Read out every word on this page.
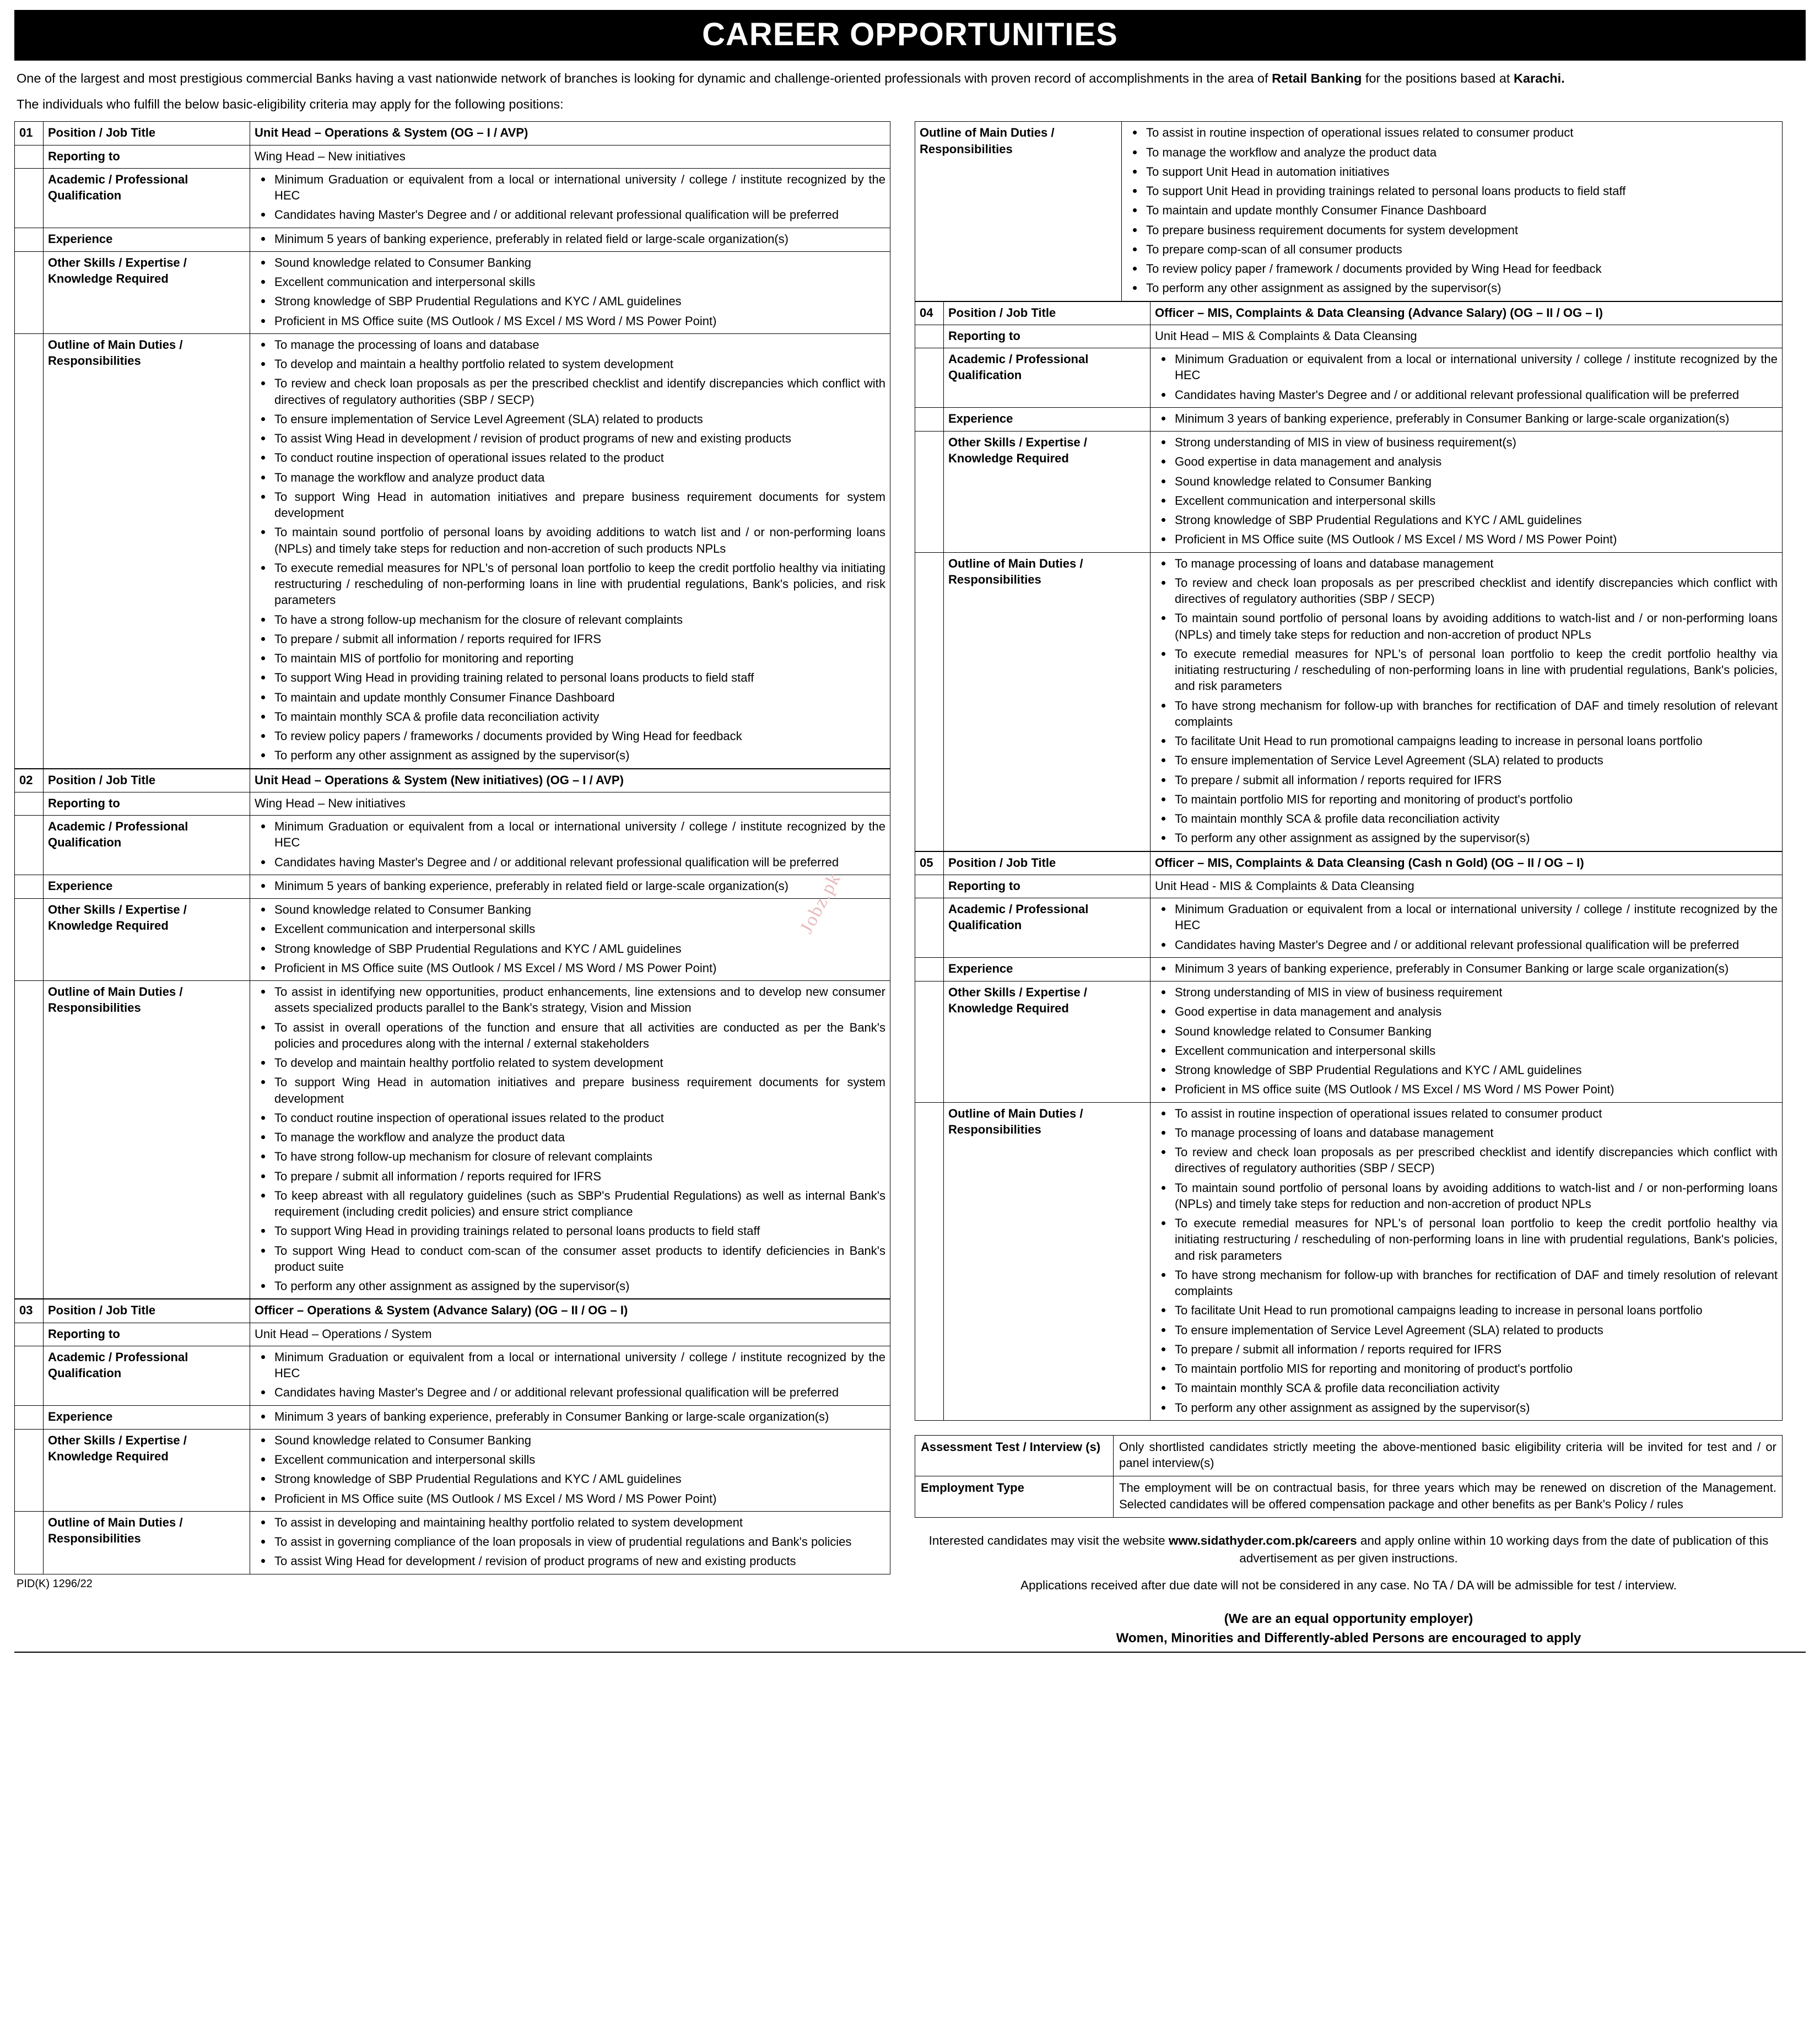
CAREER OPPORTUNITIES

One of the largest and most prestigious commercial Banks having a vast nationwide network of branches is looking for dynamic and challenge-oriented professionals with proven record of accomplishments in the area of Retail Banking for the positions based at Karachi.

The individuals who fulfill the below basic-eligibility criteria may apply for the following positions:

01	Position / Job Title	Unit Head – Operations & System (OG – I / AVP)
	Reporting to	Wing Head – New initiatives
	Academic / Professional Qualification	
Minimum Graduation or equivalent from a local or international university / college / institute recognized by the HEC
Candidates having Master's Degree and / or additional relevant professional qualification will be preferred

	Experience	Minimum 5 years of banking experience, preferably in related field or large-scale organization(s)

	Other Skills / Expertise / Knowledge Required	
Sound knowledge related to Consumer Banking
Excellent communication and interpersonal skills
Strong knowledge of SBP Prudential Regulations and KYC / AML guidelines
Proficient in MS Office suite (MS Outlook / MS Excel / MS Word / MS Power Point)

	Outline of Main Duties / Responsibilities	
To manage the processing of loans and database
To develop and maintain a healthy portfolio related to system development
To review and check loan proposals as per the prescribed checklist and identify discrepancies which conflict with directives of regulatory authorities (SBP / SECP)
To ensure implementation of Service Level Agreement (SLA) related to products
To assist Wing Head in development / revision of product programs of new and existing products
To conduct routine inspection of operational issues related to the product
To manage the workflow and analyze product data
To support Wing Head in automation initiatives and prepare business requirement documents for system development
To maintain sound portfolio of personal loans by avoiding additions to watch list and / or non-performing loans (NPLs) and timely take steps for reduction and non-accretion of such products NPLs
To execute remedial measures for NPL's of personal loan portfolio to keep the credit portfolio healthy via initiating restructuring / rescheduling of non-performing loans in line with prudential regulations, Bank's policies, and risk parameters
To have a strong follow-up mechanism for the closure of relevant complaints
To prepare / submit all information / reports required for IFRS
To maintain MIS of portfolio for monitoring and reporting
To support Wing Head in providing training related to personal loans products to field staff
To maintain and update monthly Consumer Finance Dashboard
To maintain monthly SCA & profile data reconciliation activity
To review policy papers / frameworks / documents provided by Wing Head for feedback
To perform any other assignment as assigned by the supervisor(s)
02	Position / Job Title	Unit Head – Operations & System (New initiatives) (OG – I / AVP)
	Reporting to	Wing Head – New initiatives
	Academic / Professional Qualification	
Minimum Graduation or equivalent from a local or international university / college / institute recognized by the HEC
Candidates having Master's Degree and / or additional relevant professional qualification will be preferred

	Experience	Minimum 5 years of banking experience, preferably in related field or large-scale organization(s)

	Other Skills / Expertise / Knowledge Required	
Sound knowledge related to Consumer Banking
Excellent communication and interpersonal skills
Strong knowledge of SBP Prudential Regulations and KYC / AML guidelines
Proficient in MS Office suite (MS Outlook / MS Excel / MS Word / MS Power Point)

	Outline of Main Duties / Responsibilities	
To assist in identifying new opportunities, product enhancements, line extensions and to develop new consumer assets specialized products parallel to the Bank's strategy, Vision and Mission
To assist in overall operations of the function and ensure that all activities are conducted as per the Bank's policies and procedures along with the internal / external stakeholders
To develop and maintain healthy portfolio related to system development
To support Wing Head in automation initiatives and prepare business requirement documents for system development
To conduct routine inspection of operational issues related to the product
To manage the workflow and analyze the product data
To have strong follow-up mechanism for closure of relevant complaints
To prepare / submit all information / reports required for IFRS
To keep abreast with all regulatory guidelines (such as SBP's Prudential Regulations) as well as internal Bank's requirement (including credit policies) and ensure strict compliance
To support Wing Head in providing trainings related to personal loans products to field staff
To support Wing Head to conduct com-scan of the consumer asset products to identify deficiencies in Bank's product suite
To perform any other assignment as assigned by the supervisor(s)
03	Position / Job Title	Officer – Operations & System (Advance Salary) (OG – II / OG – I)
	Reporting to	Unit Head – Operations / System
	Academic / Professional Qualification	
Minimum Graduation or equivalent from a local or international university / college / institute recognized by the HEC
Candidates having Master's Degree and / or additional relevant professional qualification will be preferred

	Experience	Minimum 3 years of banking experience, preferably in Consumer Banking or large-scale organization(s)

	Other Skills / Expertise / Knowledge Required	
Sound knowledge related to Consumer Banking
Excellent communication and interpersonal skills
Strong knowledge of SBP Prudential Regulations and KYC / AML guidelines
Proficient in MS Office suite (MS Outlook / MS Excel / MS Word / MS Power Point)

	Outline of Main Duties / Responsibilities	
To assist in developing and maintaining healthy portfolio related to system development
To assist in governing compliance of the loan proposals in view of prudential regulations and Bank's policies
To assist Wing Head for development / revision of product programs of new and existing products
PID(K) 1296/22
Outline of Main Duties / Responsibilities	
To assist in routine inspection of operational issues related to consumer product
To manage the workflow and analyze the product data
To support Unit Head in automation initiatives
To support Unit Head in providing trainings related to personal loans products to field staff
To maintain and update monthly Consumer Finance Dashboard
To prepare business requirement documents for system development
To prepare comp-scan of all consumer products
To review policy paper / framework / documents provided by Wing Head for feedback
To perform any other assignment as assigned by the supervisor(s)
04	Position / Job Title	Officer – MIS, Complaints & Data Cleansing (Advance Salary) (OG – II / OG – I)
	Reporting to	Unit Head – MIS & Complaints & Data Cleansing
	Academic / Professional Qualification	
Minimum Graduation or equivalent from a local or international university / college / institute recognized by the HEC
Candidates having Master's Degree and / or additional relevant professional qualification will be preferred

	Experience	Minimum 3 years of banking experience, preferably in Consumer Banking or large-scale organization(s)

	Other Skills / Expertise / Knowledge Required	
Strong understanding of MIS in view of business requirement(s)
Good expertise in data management and analysis
Sound knowledge related to Consumer Banking
Excellent communication and interpersonal skills
Strong knowledge of SBP Prudential Regulations and KYC / AML guidelines
Proficient in MS Office suite (MS Outlook / MS Excel / MS Word / MS Power Point)

	Outline of Main Duties / Responsibilities	
To manage processing of loans and database management
To review and check loan proposals as per prescribed checklist and identify discrepancies which conflict with directives of regulatory authorities (SBP / SECP)
To maintain sound portfolio of personal loans by avoiding additions to watch-list and / or non-performing loans (NPLs) and timely take steps for reduction and non-accretion of product NPLs
To execute remedial measures for NPL's of personal loan portfolio to keep the credit portfolio healthy via initiating restructuring / rescheduling of non-performing loans in line with prudential regulations, Bank's policies, and risk parameters
To have strong mechanism for follow-up with branches for rectification of DAF and timely resolution of relevant complaints
To facilitate Unit Head to run promotional campaigns leading to increase in personal loans portfolio
To ensure implementation of Service Level Agreement (SLA) related to products
To prepare / submit all information / reports required for IFRS
To maintain portfolio MIS for reporting and monitoring of product's portfolio
To maintain monthly SCA & profile data reconciliation activity
To perform any other assignment as assigned by the supervisor(s)
05	Position / Job Title	Officer – MIS, Complaints & Data Cleansing (Cash n Gold) (OG – II / OG – I)
	Reporting to	Unit Head - MIS & Complaints & Data Cleansing
	Academic / Professional Qualification	
Minimum Graduation or equivalent from a local or international university / college / institute recognized by the HEC
Candidates having Master's Degree and / or additional relevant professional qualification will be preferred

	Experience	Minimum 3 years of banking experience, preferably in Consumer Banking or large scale organization(s)

	Other Skills / Expertise / Knowledge Required	
Strong understanding of MIS in view of business requirement
Good expertise in data management and analysis
Sound knowledge related to Consumer Banking
Excellent communication and interpersonal skills
Strong knowledge of SBP Prudential Regulations and KYC / AML guidelines
Proficient in MS office suite (MS Outlook / MS Excel / MS Word / MS Power Point)

	Outline of Main Duties / Responsibilities	
To assist in routine inspection of operational issues related to consumer product
To manage processing of loans and database management
To review and check loan proposals as per prescribed checklist and identify discrepancies which conflict with directives of regulatory authorities (SBP / SECP)
To maintain sound portfolio of personal loans by avoiding additions to watch-list and / or non-performing loans (NPLs) and timely take steps for reduction and non-accretion of product NPLs
To execute remedial measures for NPL's of personal loan portfolio to keep the credit portfolio healthy via initiating restructuring / rescheduling of non-performing loans in line with prudential regulations, Bank's policies, and risk parameters
To have strong mechanism for follow-up with branches for rectification of DAF and timely resolution of relevant complaints
To facilitate Unit Head to run promotional campaigns leading to increase in personal loans portfolio
To ensure implementation of Service Level Agreement (SLA) related to products
To prepare / submit all information / reports required for IFRS
To maintain portfolio MIS for reporting and monitoring of product's portfolio
To maintain monthly SCA & profile data reconciliation activity
To perform any other assignment as assigned by the supervisor(s)
Assessment Test / Interview (s)	Only shortlisted candidates strictly meeting the above-mentioned basic eligibility criteria will be invited for test and / or panel interview(s)
Employment Type	The employment will be on contractual basis, for three years which may be renewed on discretion of the Management. Selected candidates will be offered compensation package and other benefits as per Bank's Policy / rules

Interested candidates may visit the website www.sidathyder.com.pk/careers and apply online within 10 working days from the date of publication of this advertisement as per given instructions.

Applications received after due date will not be considered in any case. No TA / DA will be admissible for test / interview.

(We are an equal opportunity employer)
Women, Minorities and Differently-abled Persons are encouraged to apply
Jobz.pk
